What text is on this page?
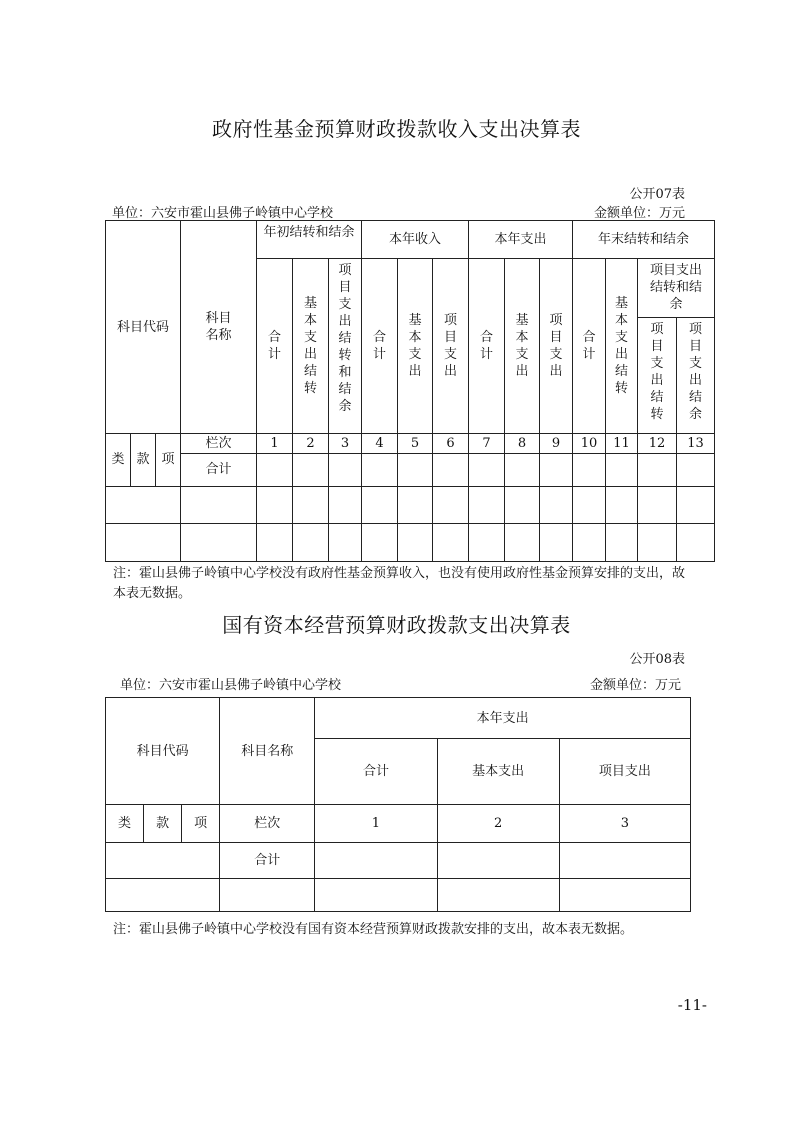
政府性基金预算财政拨款收入支出决算表
公开07表
单位：六安市霍山县佛子岭镇中心学校	金额单位：万元
科目代码			科目名称	年初结转和结余			本年收入			本年支出			年末结转和结余			
				合计	基本支出结转	项目支出结转和结余	合计	基本支出	项目支出	合计	基本支出	项目支出	合计	基本支出结转	项目支出结转和结余	
															项目支出结转	项目支出结余
类	款	项	栏次	1	2	3	4	5	6	7	8	9	10	11	12	13
			合计													

注：霍山县佛子岭镇中心学校没有政府性基金预算收入，也没有使用政府性基金预算安排的支出，故本表无数据。
国有资本经营预算财政拨款支出决算表
公开08表
单位：六安市霍山县佛子岭镇中心学校	金额单位：万元
科目代码			科目名称	本年支出		
				合计	基本支出	项目支出
类	款	项	栏次	1	2	3
			合计			

注：霍山县佛子岭镇中心学校没有国有资本经营预算财政拨款安排的支出，故本表无数据。
-11-
